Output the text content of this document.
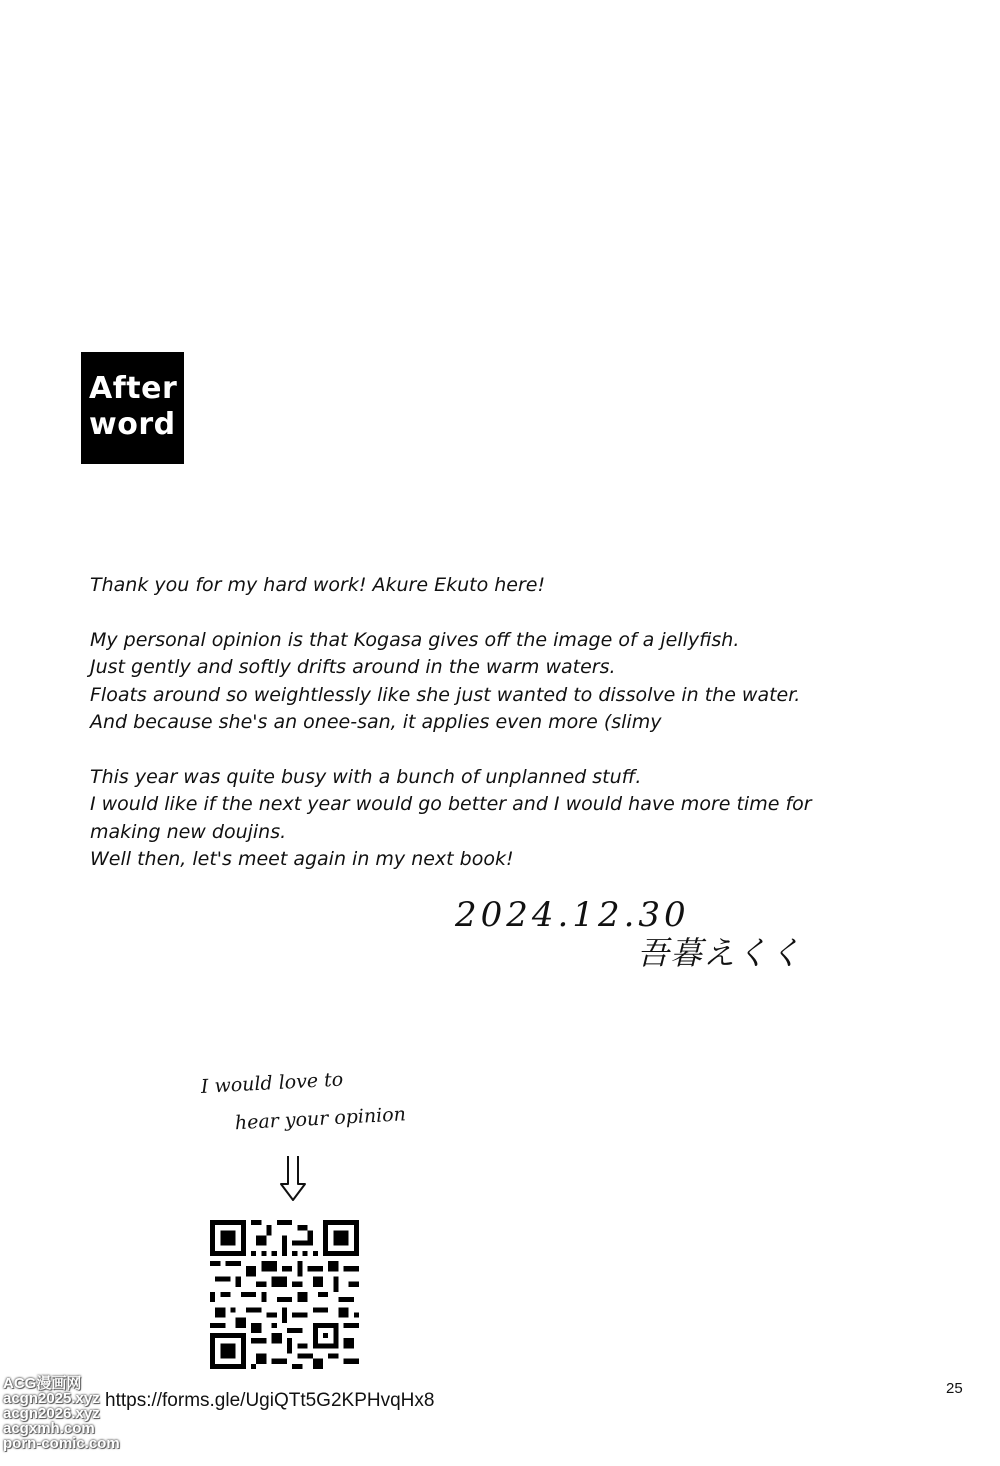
After
word

Thank you for my hard work! Akure Ekuto here!

My personal opinion is that Kogasa gives off the image of a jellyfish.

Just gently and softly drifts around in the warm waters.

Floats around so weightlessly like she just wanted to dissolve in the water.

And because she's an onee-san, it applies even more (slimy

This year was quite busy with a bunch of unplanned stuff.

I would like if the next year would go better and I would have more time for

making new doujins.

Well then, let's meet again in my next book!

2024.12.30
吾暮えくく
I would love to
hear your opinion
https://forms.gle/UgiQTt5G2KPHvqHx8
25
ACG漫画网
acgn2025.xyz
acgn2026.xyz
acgxmh.com
porn-comic.com
